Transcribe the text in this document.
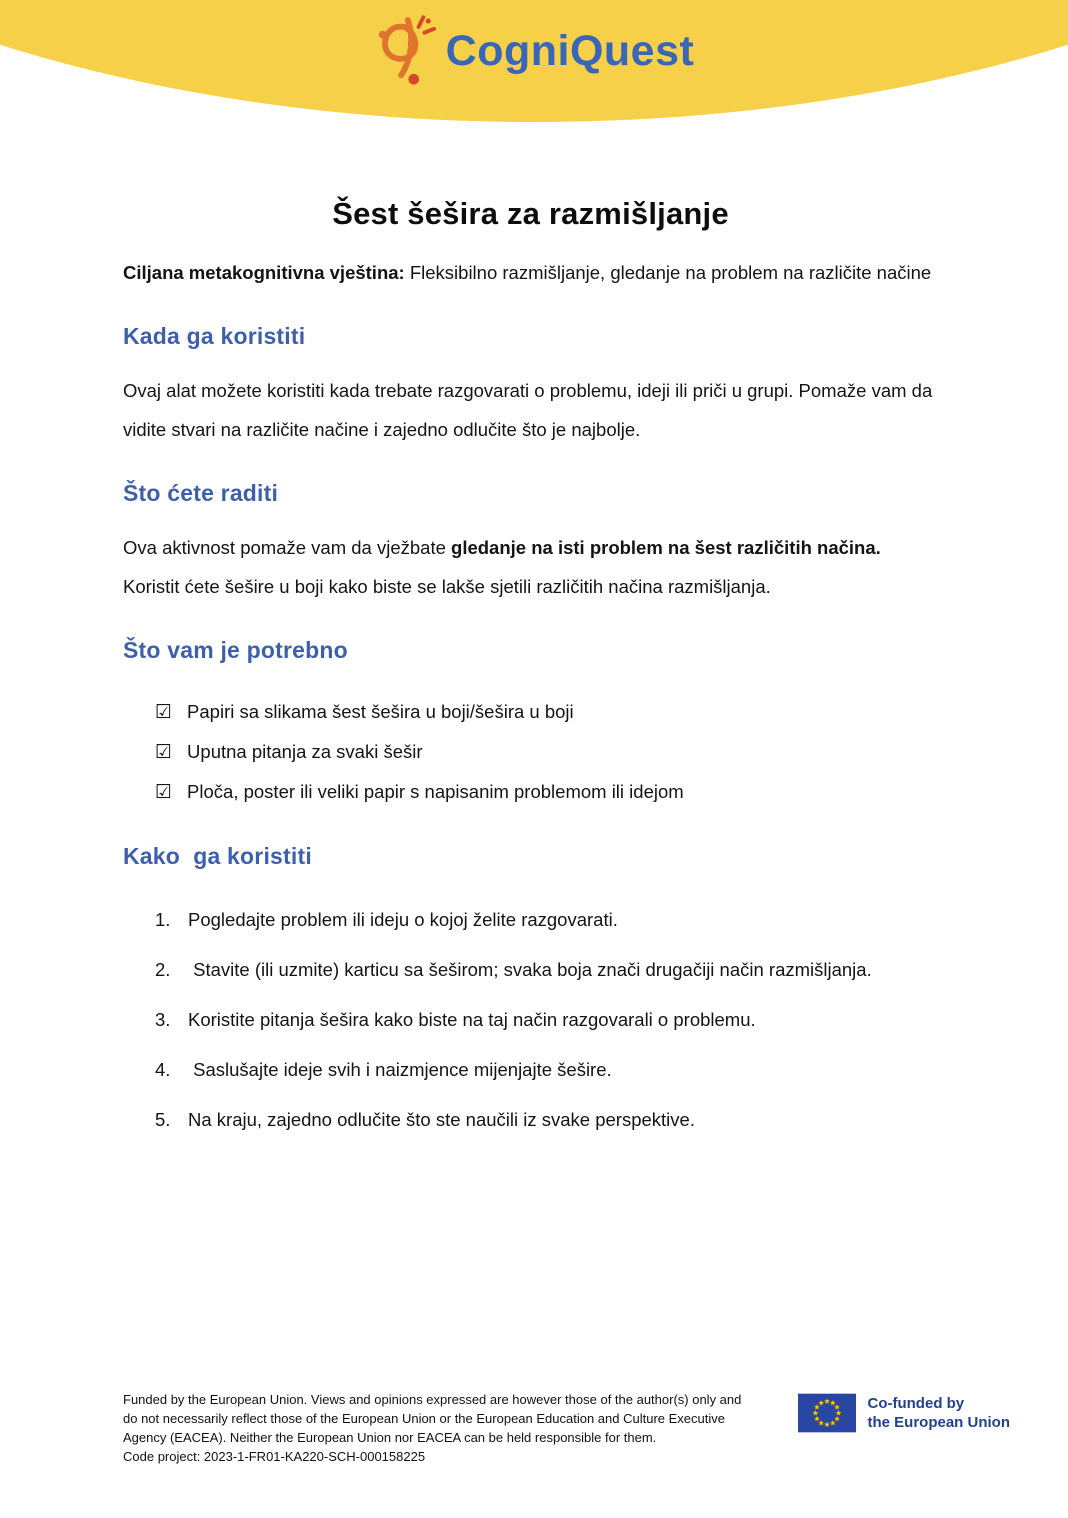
CogniQuest
Šest šešira za razmišljanje

Ciljana metakognitivna vještina: Fleksibilno razmišljanje, gledanje na problem na različite načine

Kada ga koristiti

Ovaj alat možete koristiti kada trebate razgovarati o problemu, ideji ili priči u grupi. Pomaže vam da vidite stvari na različite načine i zajedno odlučite što je najbolje.

Što ćete raditi

Ova aktivnost pomaže vam da vježbate gledanje na isti problem na šest različitih načina. Koristit ćete šešire u boji kako biste se lakše sjetili različitih načina razmišljanja.

Što vam je potrebno
☑ Papiri sa slikama šest šešira u boji/šešira u boji
☑ Uputna pitanja za svaki šešir
☑ Ploča, poster ili veliki papir s napisanim problemom ili idejom
Kako  ga koristiti
1. Pogledajte problem ili ideju o kojoj želite razgovarati.
2. Stavite (ili uzmite) karticu sa šeširom; svaka boja znači drugačiji način razmišljanja.
3. Koristite pitanja šešira kako biste na taj način razgovarali o problemu.
4. Saslušajte ideje svih i naizmjence mijenjajte šešire.
5. Na kraju, zajedno odlučite što ste naučili iz svake perspektive.
Funded by the European Union. Views and opinions expressed are however those of the author(s) only and
do not necessarily reflect those of the European Union or the European Education and Culture Executive
Agency (EACEA). Neither the European Union nor EACEA can be held responsible for them.
Code project: 2023-1-FR01-KA220-SCH-000158225
Co-funded by
the European Union
